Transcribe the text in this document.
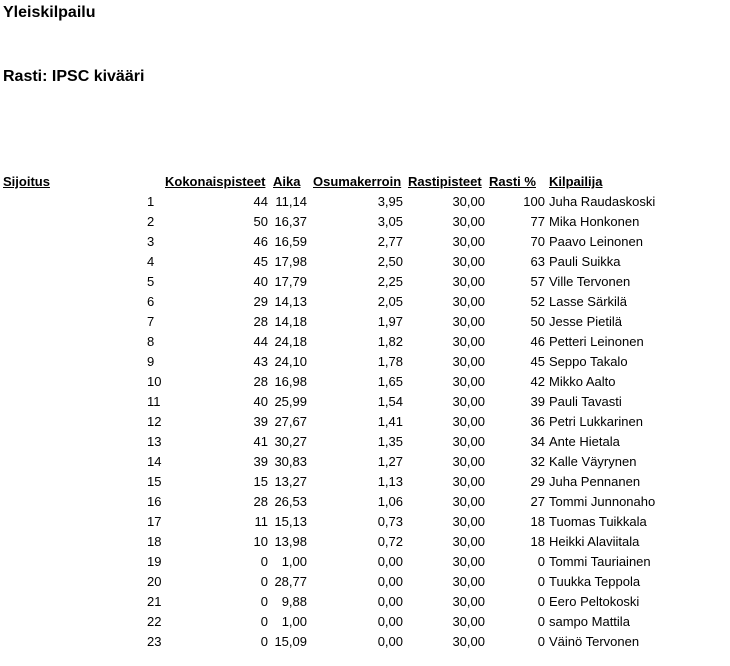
Yleiskilpailu
Rasti: IPSC kivääri
Sijoitus	Kokonaispisteet Aika Osumakerroin Rastipisteet Rasti % Kilpailija
1	44 11,14	3,95	30,00	100 Juha Raudaskoski
2	50 16,37	3,05	30,00	77 Mika Honkonen
3	46 16,59	2,77	30,00	70 Paavo Leinonen
4	45 17,98	2,50	30,00	63 Pauli Suikka
5	40 17,79	2,25	30,00	57 Ville Tervonen
6	29 14,13	2,05	30,00	52 Lasse Särkilä
7	28 14,18	1,97	30,00	50 Jesse Pietilä
8	44 24,18	1,82	30,00	46 Petteri Leinonen
9	43 24,10	1,78	30,00	45 Seppo Takalo
10	28 16,98	1,65	30,00	42 Mikko Aalto
11	40 25,99	1,54	30,00	39 Pauli Tavasti
12	39 27,67	1,41	30,00	36 Petri Lukkarinen
13	41 30,27	1,35	30,00	34 Ante Hietala
14	39 30,83	1,27	30,00	32 Kalle Väyrynen
15	15 13,27	1,13	30,00	29 Juha Pennanen
16	28 26,53	1,06	30,00	27 Tommi Junnonaho
17	11 15,13	0,73	30,00	18 Tuomas Tuikkala
18	10 13,98	0,72	30,00	18 Heikki Alaviitala
19	0	1,00	0,00	30,00	0 Tommi Tauriainen
20	0 28,77	0,00	30,00	0 Tuukka Teppola
21	0	9,88	0,00	30,00	0 Eero Peltokoski
22	0	1,00	0,00	30,00	0 sampo Mattila
23	0 15,09	0,00	30,00	0 Väinö Tervonen
